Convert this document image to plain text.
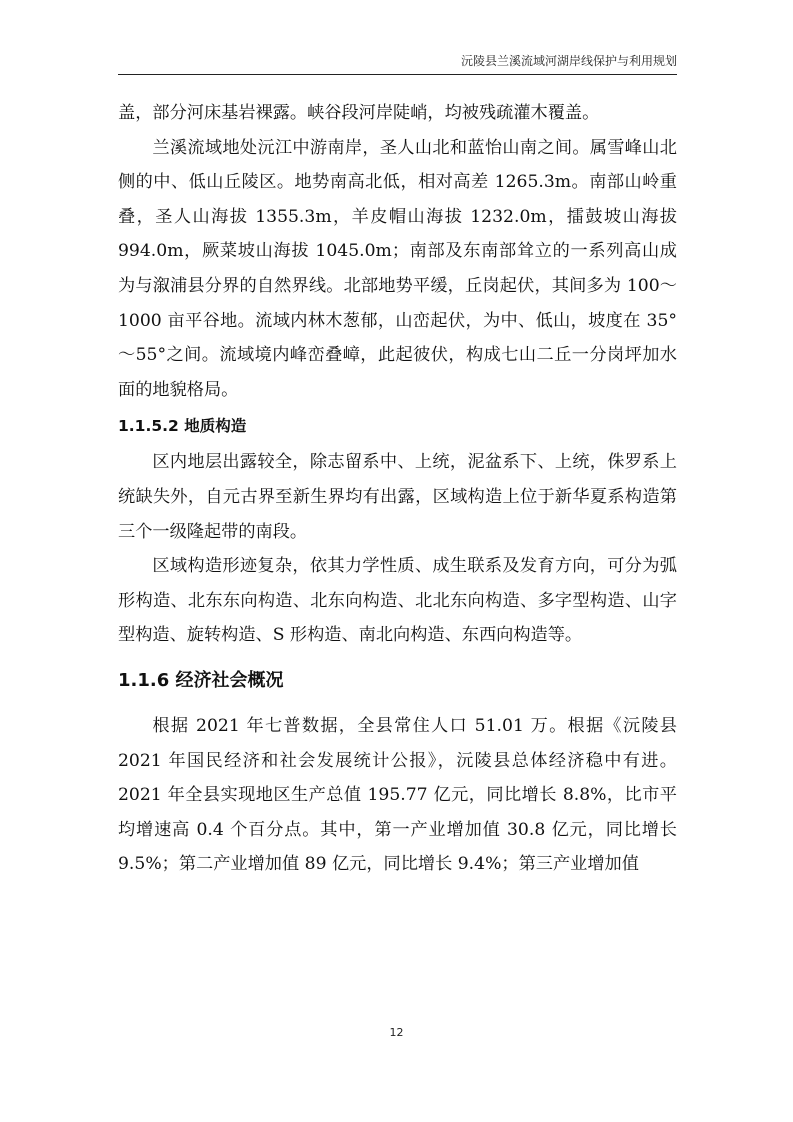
沅陵县兰溪流域河湖岸线保护与利用规划

盖，部分河床基岩裸露。峡谷段河岸陡峭，均被残疏灌木覆盖。

兰溪流域地处沅江中游南岸，圣人山北和蓝怡山南之间。属雪峰山北侧的中、低山丘陵区。地势南高北低，相对高差 1265.3m。南部山岭重叠，圣人山海拔 1355.3m，羊皮帽山海拔 1232.0m，擂鼓坡山海拔 994.0m，厥菜坡山海拔 1045.0m；南部及东南部耸立的一系列高山成为与溆浦县分界的自然界线。北部地势平缓，丘岗起伏，其间多为 100～1000 亩平谷地。流域内林木葱郁，山峦起伏，为中、低山，坡度在 35°～55°之间。流域境内峰峦叠嶂，此起彼伏，构成七山二丘一分岗坪加水面的地貌格局。

1.1.5.2 地质构造

区内地层出露较全，除志留系中、上统，泥盆系下、上统，侏罗系上统缺失外，自元古界至新生界均有出露，区域构造上位于新华夏系构造第三个一级隆起带的南段。

区域构造形迹复杂，依其力学性质、成生联系及发育方向，可分为弧形构造、北东东向构造、北东向构造、北北东向构造、多字型构造、山字型构造、旋转构造、S 形构造、南北向构造、东西向构造等。

1.1.6 经济社会概况

根据 2021 年七普数据，全县常住人口 51.01 万。根据《沅陵县 2021 年国民经济和社会发展统计公报》，沅陵县总体经济稳中有进。2021 年全县实现地区生产总值 195.77 亿元，同比增长 8.8%，比市平均增速高 0.4 个百分点。其中，第一产业增加值 30.8 亿元，同比增长 9.5%；第二产业增加值 89 亿元，同比增长 9.4%；第三产业增加值

12
